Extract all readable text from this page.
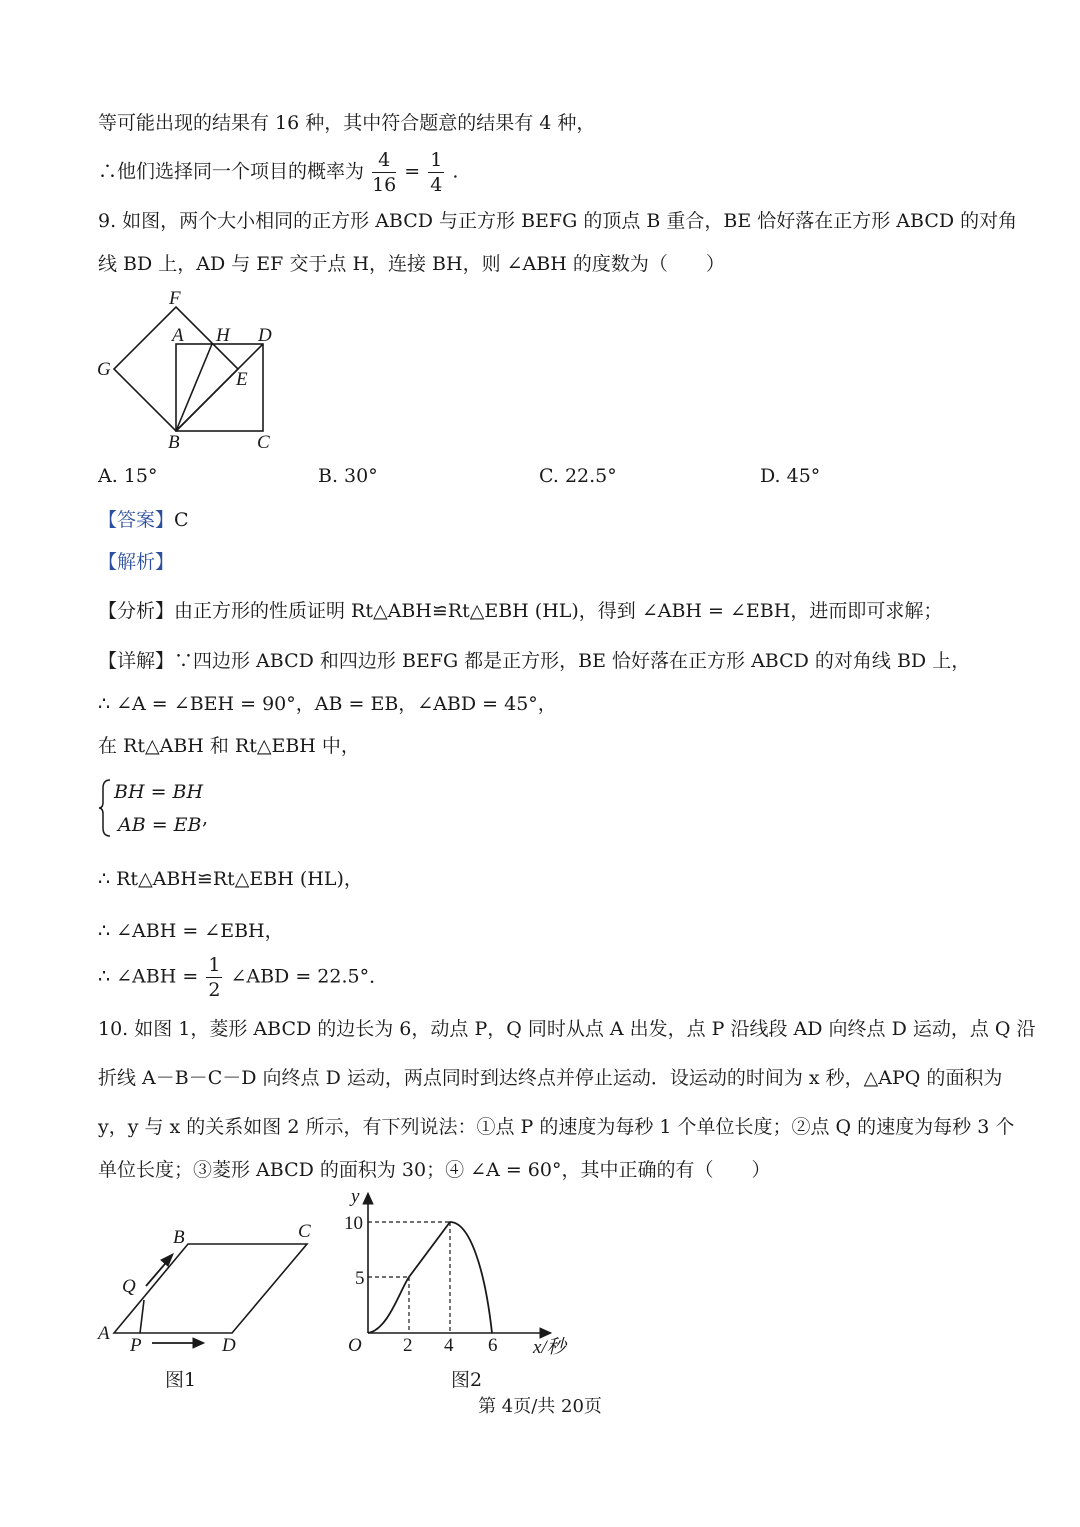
等可能出现的结果有 16 种，其中符合题意的结果有 4 种，
∴他们选择同一个项目的概率为 $\frac{4}{16} = \frac{1}{4}$ .
9. 如图，两个大小相同的正方形 ABCD 与正方形 BEFG 的顶点 B 重合，BE 恰好落在正方形 ABCD 的对角
线 BD 上，AD 与 EF 交于点 H，连接 BH，则 ∠ABH 的度数为（　　）
F
A H D
G	E
B	C
A. 15°	B. 30°	C. 22.5°	D. 45°
【答案】C
【解析】
【分析】由正方形的性质证明 Rt△ABH≌Rt△EBH (HL)，得到 ∠ABH = ∠EBH，进而即可求解；
【详解】∵四边形 ABCD 和四边形 BEFG 都是正方形，BE 恰好落在正方形 ABCD 的对角线 BD 上，
∴ ∠A = ∠BEH = 90°，AB = EB，∠ABD = 45°，
在 Rt△ABH 和 Rt△EBH 中，
BH = BH
AB = EB ,
∴ Rt△ABH≌Rt△EBH (HL)，
∴ ∠ABH = ∠EBH，
∴ ∠ABH = $\frac{1}{2}$ ∠ABD = 22.5°．
10. 如图 1，菱形 ABCD 的边长为 6，动点 P，Q 同时从点 A 出发，点 P 沿线段 AD 向终点 D 运动，点 Q 沿
折线 A－B－C－D 向终点 D 运动，两点同时到达终点并停止运动．设运动的时间为 x 秒，△APQ 的面积为
y，y 与 x 的关系如图 2 所示，有下列说法：①点 P 的速度为每秒 1 个单位长度；②点 Q 的速度为每秒 3 个
单位长度；③菱形 ABCD 的面积为 30；④ ∠A = 60°，其中正确的有（　　）
B	C
Q
A
P	D
图1
y
10
5
O 2 4 6 x/秒
图2
第 4页/共 20页
